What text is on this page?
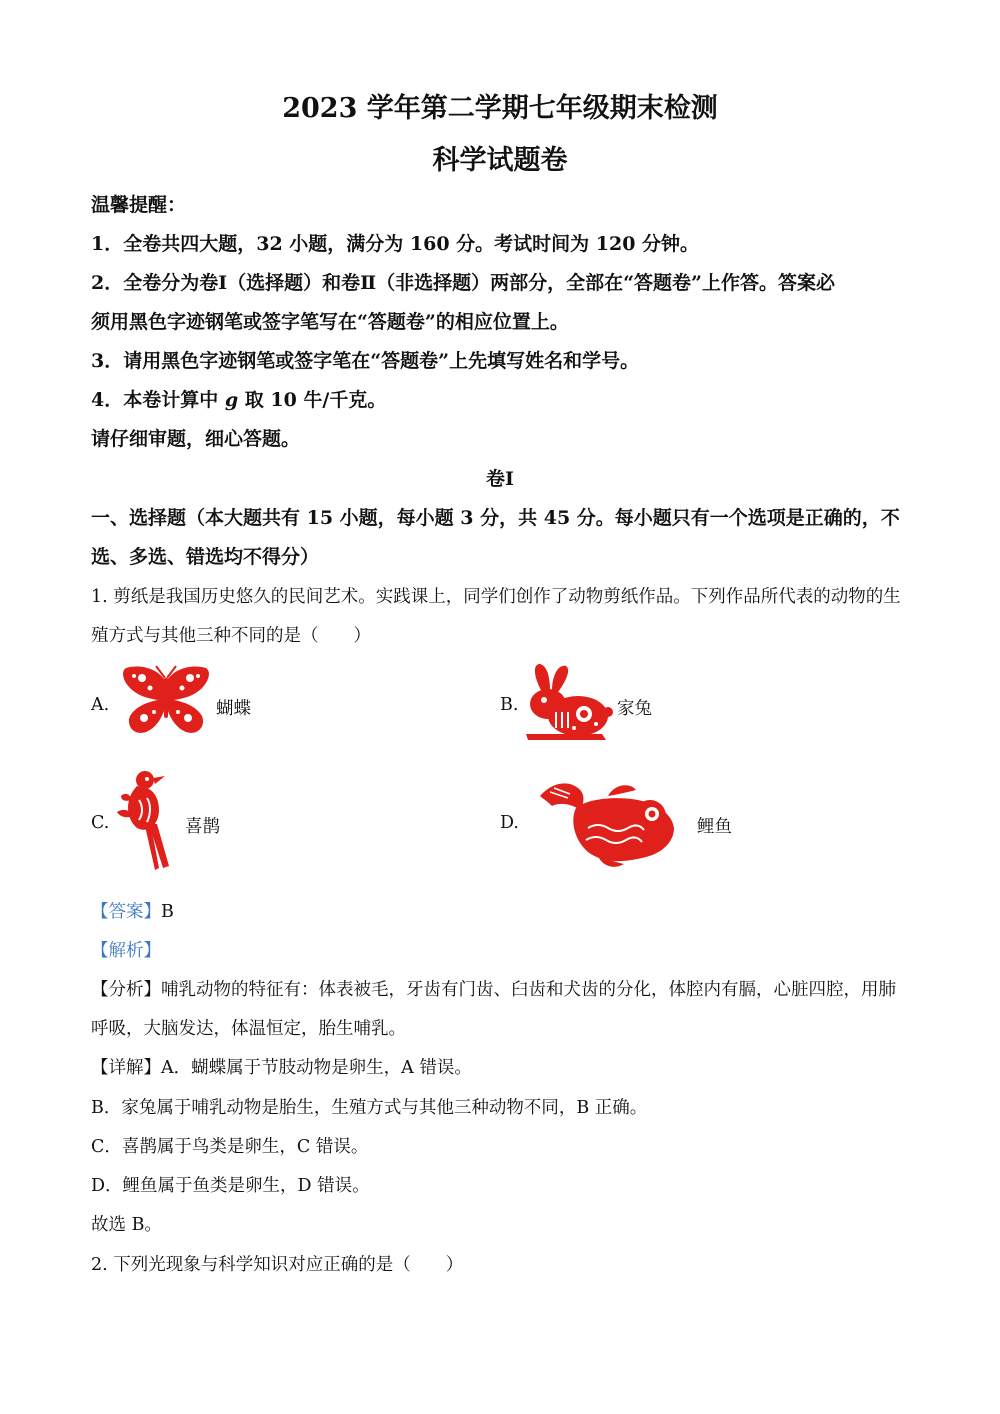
2023 学年第二学期七年级期末检测
科学试题卷
温馨提醒：
1．全卷共四大题，32 小题，满分为 160 分。考试时间为 120 分钟。
2．全卷分为卷Ⅰ（选择题）和卷Ⅱ（非选择题）两部分，全部在“答题卷”上作答。答案必
须用黑色字迹钢笔或签字笔写在“答题卷”的相应位置上。
3．请用黑色字迹钢笔或签字笔在“答题卷”上先填写姓名和学号。
4．本卷计算中 g 取 10 牛/千克。
请仔细审题，细心答题。
卷Ⅰ
一、选择题（本大题共有 15 小题，每小题 3 分，共 45 分。每小题只有一个选项是正确的，不
选、多选、错选均不得分）
1. 剪纸是我国历史悠久的民间艺术。实践课上，同学们创作了动物剪纸作品。下列作品所代表的动物的生
殖方式与其他三种不同的是（　　）
A.	蝴蝶	B.	家兔
C.	喜鹊	D.	鲤鱼
【答案】B
【解析】
【分析】哺乳动物的特征有：体表被毛，牙齿有门齿、臼齿和犬齿的分化，体腔内有膈，心脏四腔，用肺
呼吸，大脑发达，体温恒定，胎生哺乳。
【详解】A．蝴蝶属于节肢动物是卵生，A 错误。
B．家兔属于哺乳动物是胎生，生殖方式与其他三种动物不同，B 正确。
C．喜鹊属于鸟类是卵生，C 错误。
D．鲤鱼属于鱼类是卵生，D 错误。
故选 B。
2. 下列光现象与科学知识对应正确的是（　　）
